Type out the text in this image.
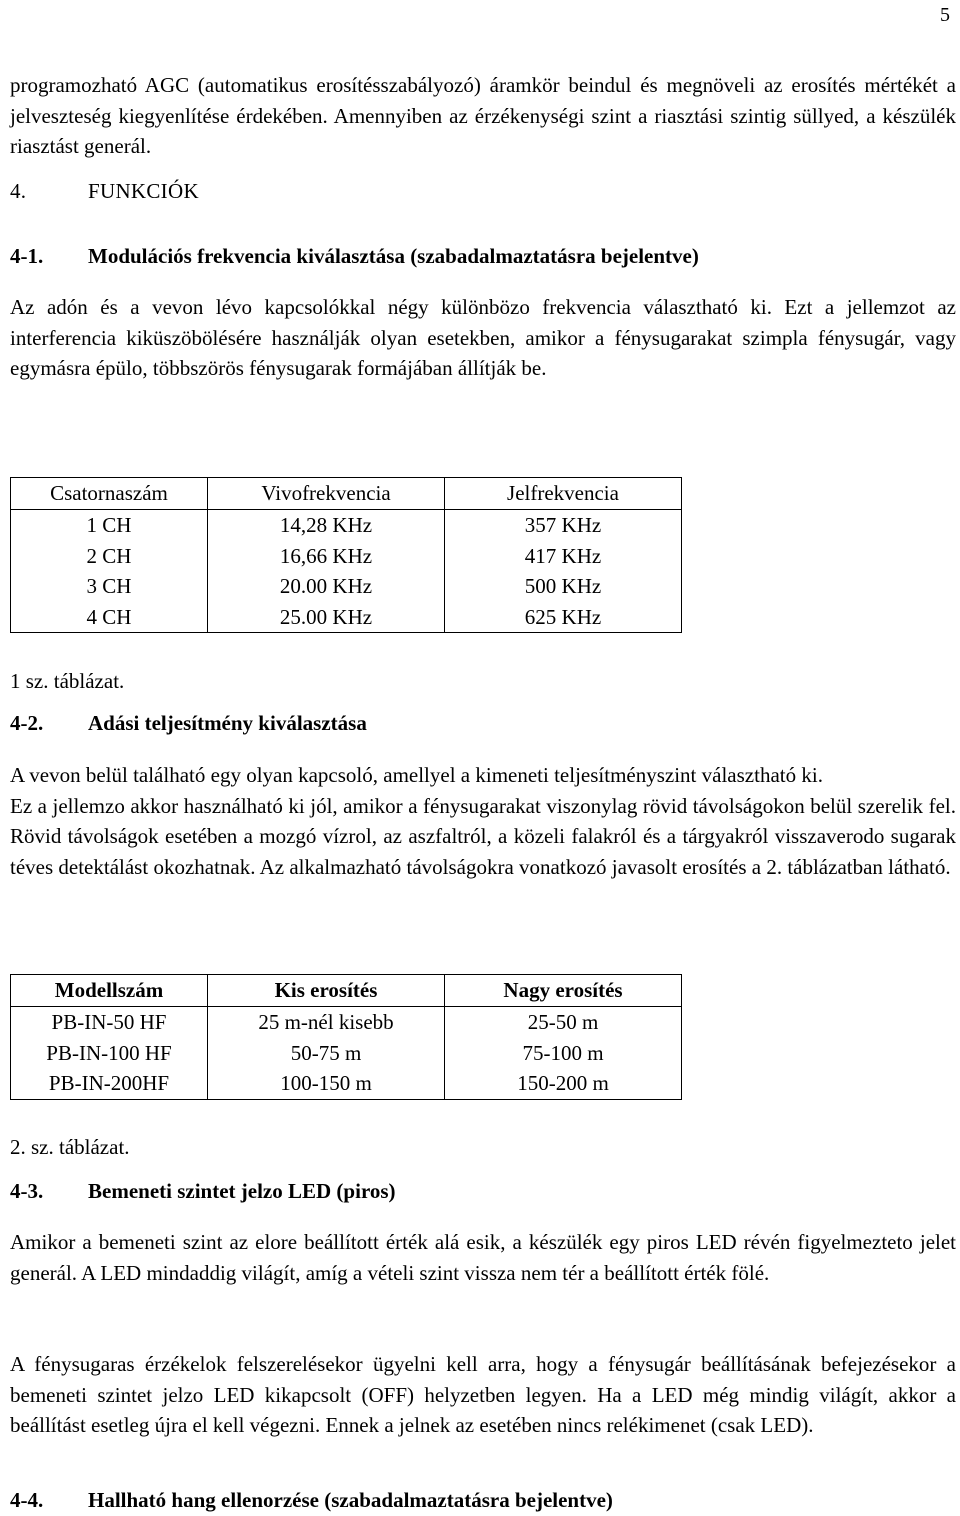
5

programozható AGC (automatikus erosítésszabályozó) áramkör beindul és megnöveli az erosítés mértékét a jelveszteség kiegyenlítése érdekében. Amennyiben az érzékenységi szint a riasztási szintig süllyed, a készülék riasztást generál.

4.	FUNKCIÓK
4-1. Modulációs frekvencia kiválasztása (szabadalmaztatásra bejelentve)

Az adón és a vevon lévo kapcsolókkal négy különbözo frekvencia választható ki. Ezt a jellemzot az interferencia kiküszöbölésére használják olyan esetekben, amikor a fénysugarakat szimpla fénysugár, vagy egymásra épülo, többszörös fénysugarak formájában állítják be.

Csatornaszám	Vivofrekvencia	Jelfrekvencia
1 CH	14,28 KHz	357 KHz
2 CH	16,66 KHz	417 KHz
3 CH	20.00 KHz	500 KHz
4 CH	25.00 KHz	625 KHz
1 sz. táblázat.
4-2. Adási teljesítmény kiválasztása

A vevon belül található egy olyan kapcsoló, amellyel a kimeneti teljesítményszint választható ki.

Ez a jellemzo akkor használható ki jól, amikor a fénysugarakat viszonylag rövid távolságokon belül szerelik fel. Rövid távolságok esetében a mozgó vízrol, az aszfaltról, a közeli falakról és a tárgyakról visszaverodo sugarak téves detektálást okozhatnak. Az alkalmazható távolságokra vonatkozó javasolt erosítés a 2. táblázatban látható.

Modellszám	Kis erosítés	Nagy erosítés
PB-IN-50 HF	25 m-nél kisebb	25-50 m
PB-IN-100 HF	50-75 m	75-100 m
PB-IN-200HF	100-150 m	150-200 m
2. sz. táblázat.
4-3. Bemeneti szintet jelzo LED (piros)

Amikor a bemeneti szint az elore beállított érték alá esik, a készülék egy piros LED révén figyelmezteto jelet generál. A LED mindaddig világít, amíg a vételi szint vissza nem tér a beállított érték fölé.

A fénysugaras érzékelok felszerelésekor ügyelni kell arra, hogy a fénysugár beállításának befejezésekor a bemeneti szintet jelzo LED kikapcsolt (OFF) helyzetben legyen. Ha a LED még mindig világít, akkor a beállítást esetleg újra el kell végezni. Ennek a jelnek az esetében nincs relékimenet (csak LED).

4-4. Hallható hang ellenorzése (szabadalmaztatásra bejelentve)
